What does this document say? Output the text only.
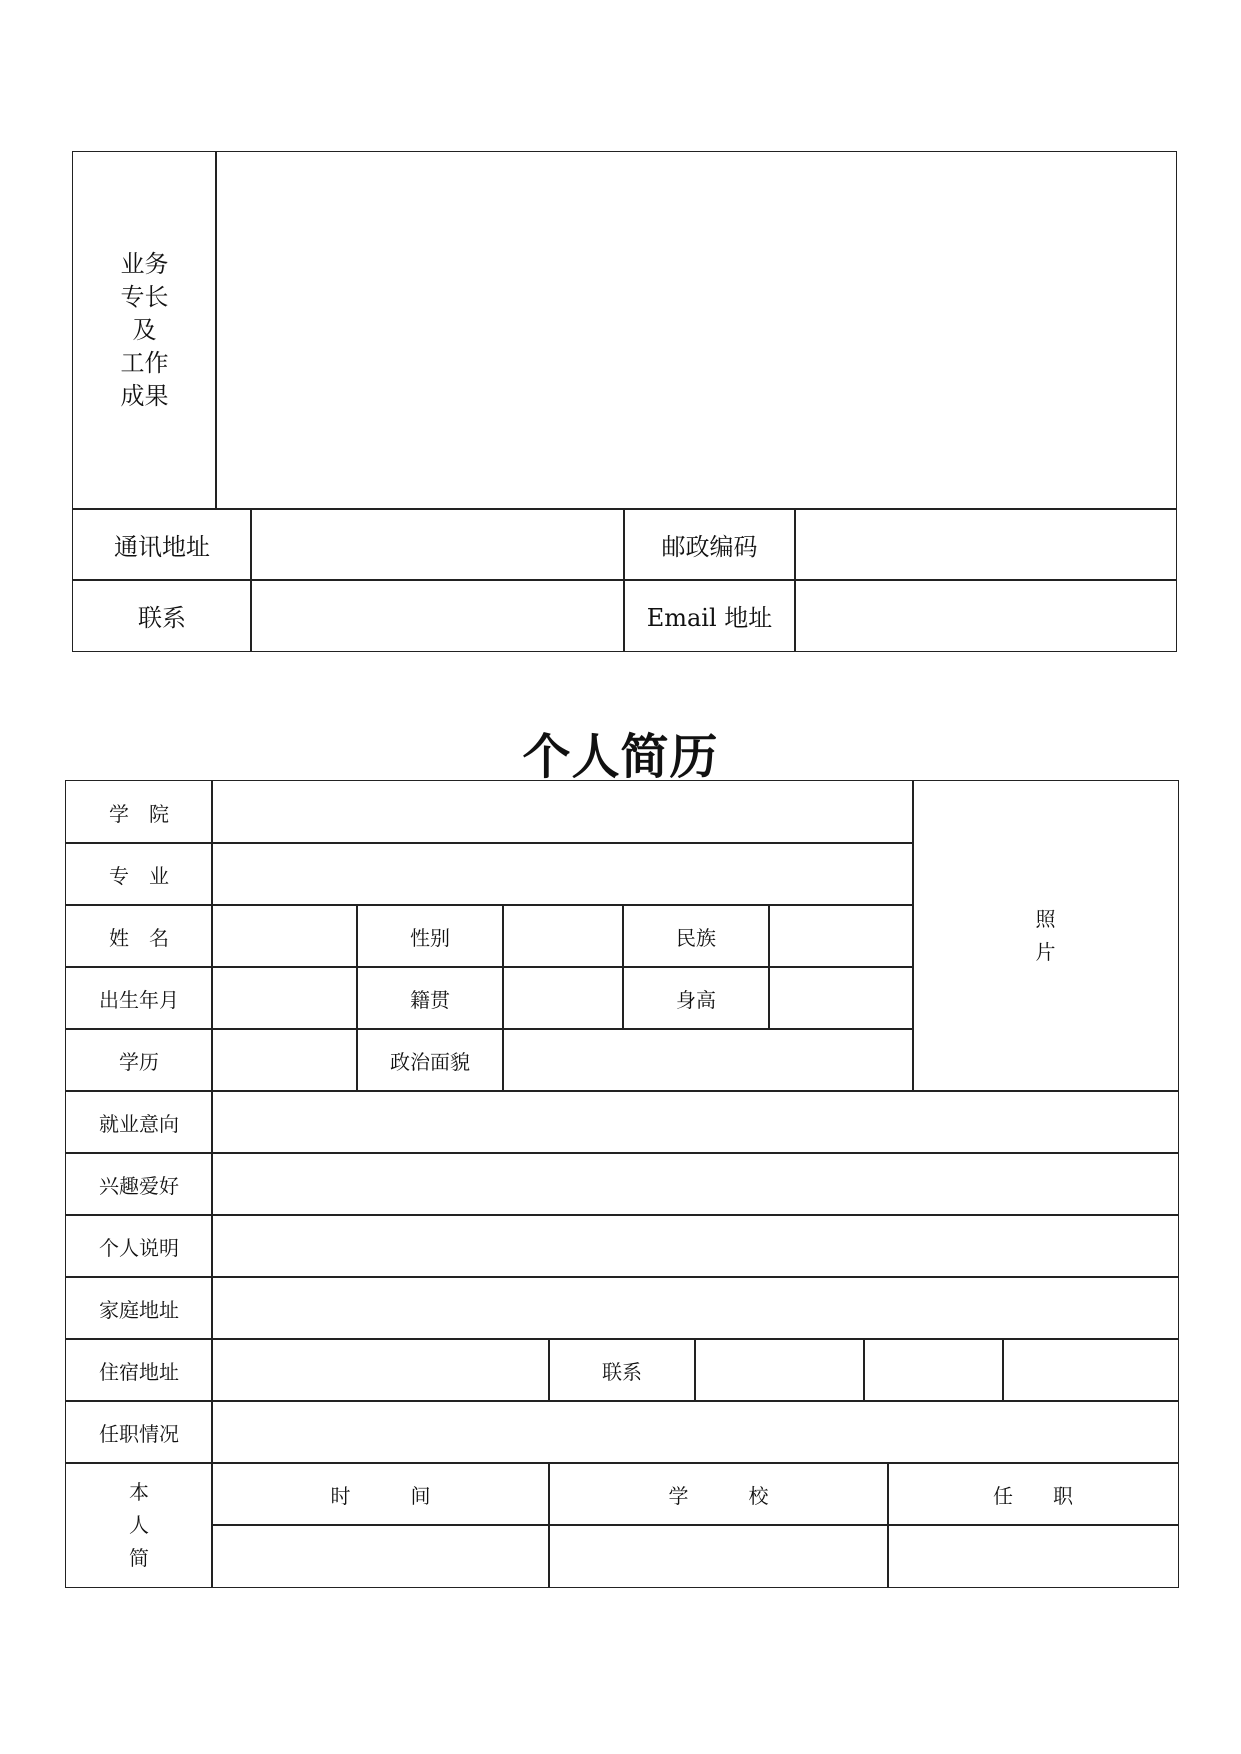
业务
专长
及
工作
成果
通讯地址	邮政编码
联系	Email 地址
个人简历
学　院
照
片
专　业
姓　名	性别	民族
出生年月	籍贯	身高
学历	政治面貌
就业意向
兴趣爱好
个人说明
家庭地址
住宿地址	联系
任职情况
本
人
简
时　　　间	学　　　校	任　　职
